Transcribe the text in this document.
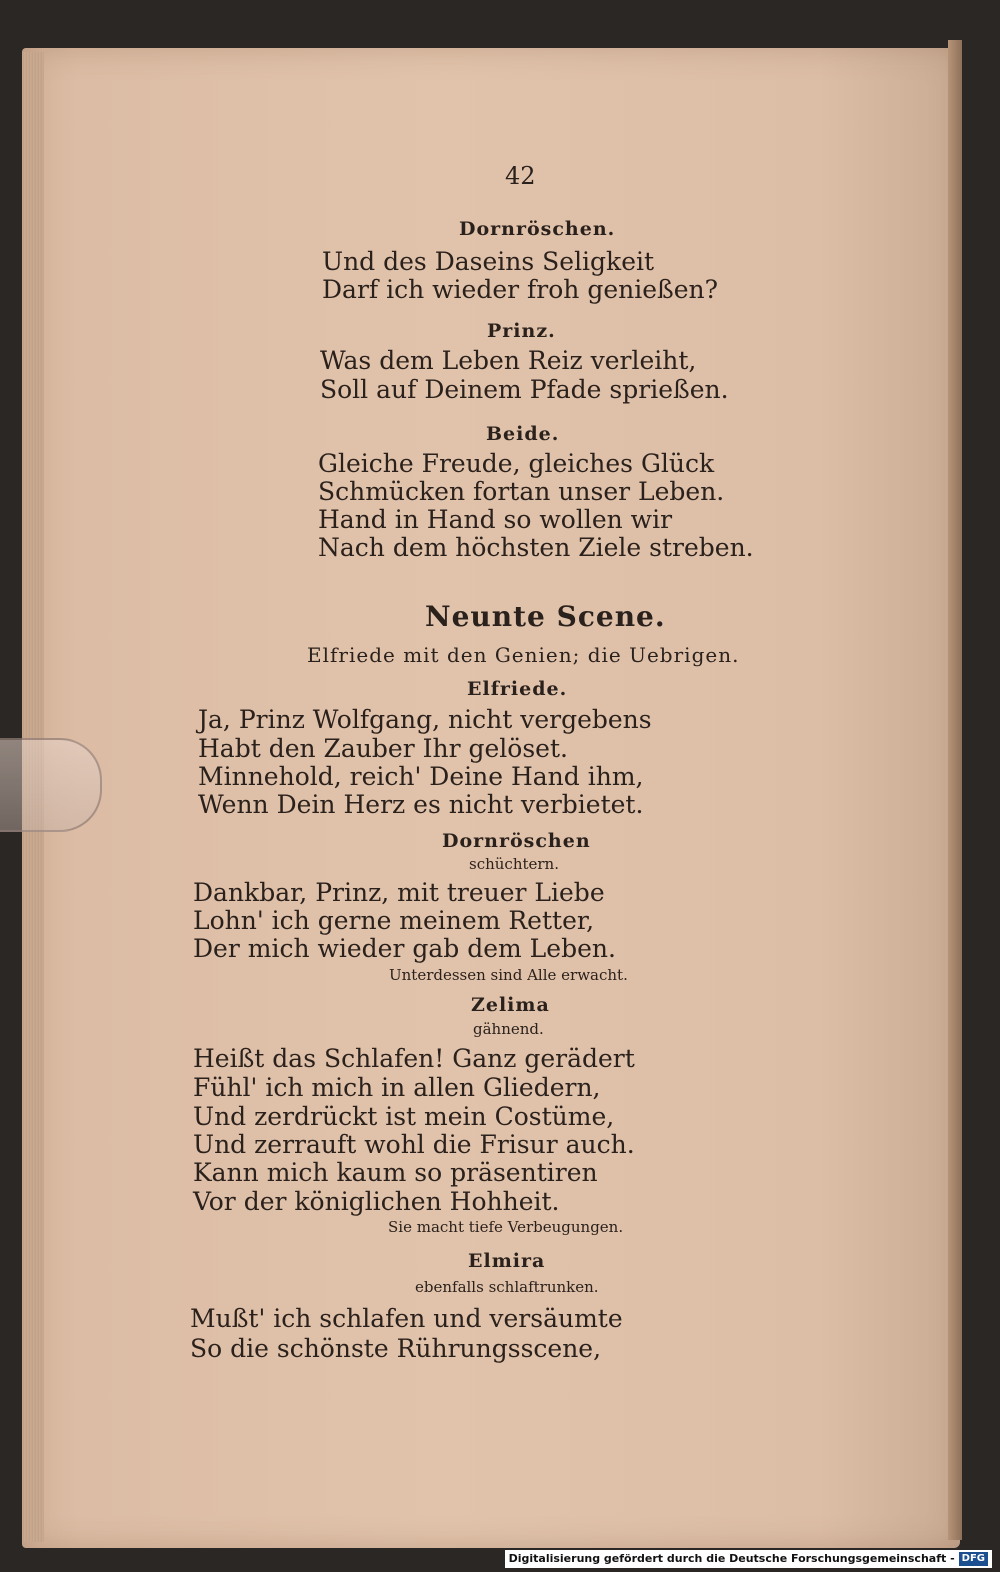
42
Dornröschen.
Und des Daseins Seligkeit
Darf ich wieder froh genießen?
Prinz.
Was dem Leben Reiz verleiht,
Soll auf Deinem Pfade sprießen.
Beide.
Gleiche Freude, gleiches Glück
Schmücken fortan unser Leben.
Hand in Hand so wollen wir
Nach dem höchsten Ziele streben.
Neunte Scene.
Elfriede mit den Genien; die Uebrigen.
Elfriede.
Ja, Prinz Wolfgang, nicht vergebens
Habt den Zauber Ihr gelöset.
Minnehold, reich' Deine Hand ihm,
Wenn Dein Herz es nicht verbietet.
Dornröschen
schüchtern.
Dankbar, Prinz, mit treuer Liebe
Lohn' ich gerne meinem Retter,
Der mich wieder gab dem Leben.
Unterdessen sind Alle erwacht.
Zelima
gähnend.
Heißt das Schlafen! Ganz gerädert
Fühl' ich mich in allen Gliedern,
Und zerdrückt ist mein Costüme,
Und zerrauft wohl die Frisur auch.
Kann mich kaum so präsentiren
Vor der königlichen Hohheit.
Sie macht tiefe Verbeugungen.
Elmira
ebenfalls schlaftrunken.
Mußt' ich schlafen und versäumte
So die schönste Rührungsscene,
Digitalisierung gefördert durch die Deutsche Forschungsgemeinschaft - DFG
